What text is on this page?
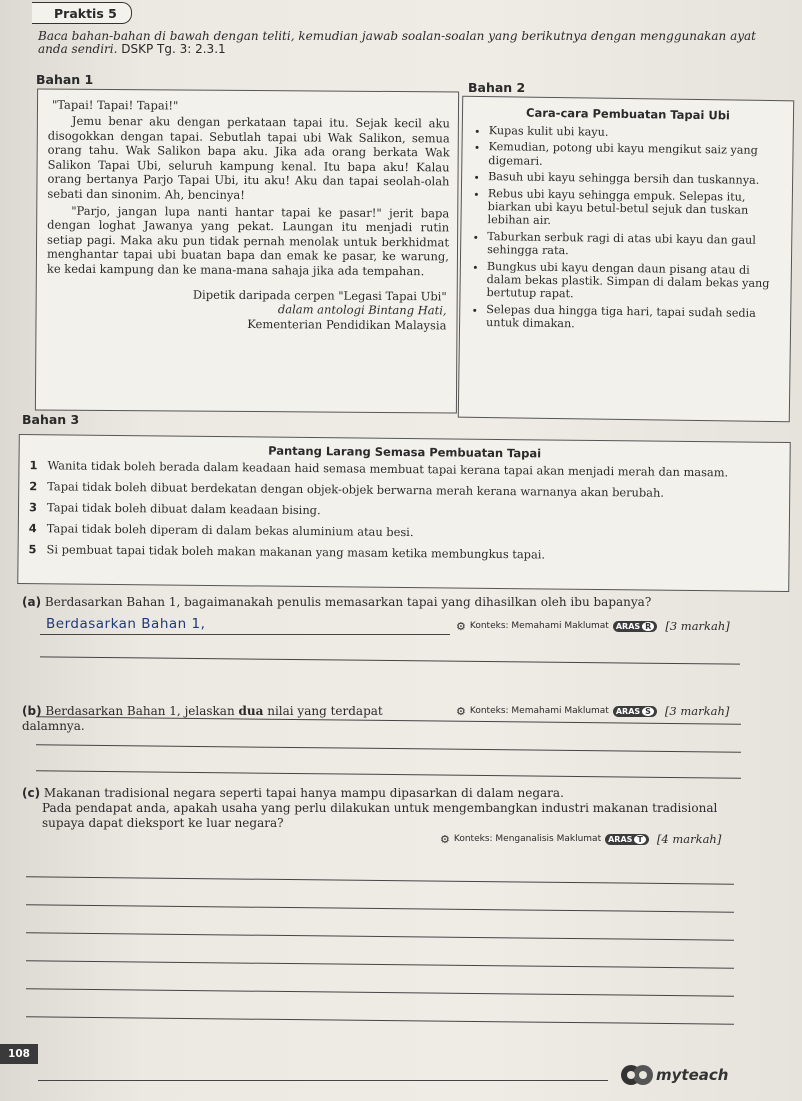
Praktis 5
Baca bahan-bahan di bawah dengan teliti, kemudian jawab soalan-soalan yang berikutnya dengan menggunakan ayat anda sendiri. DSKP Tg. 3: 2.3.1
Bahan 1
"Tapai! Tapai! Tapai!"
Jemu benar aku dengan perkataan tapai itu. Sejak kecil aku disogokkan dengan tapai. Sebutlah tapai ubi Wak Salikon, semua orang tahu. Wak Salikon bapa aku. Jika ada orang berkata Wak Salikon Tapai Ubi, seluruh kampung kenal. Itu bapa aku! Kalau orang bertanya Parjo Tapai Ubi, itu aku! Aku dan tapai seolah-olah sebati dan sinonim. Ah, bencinya!
"Parjo, jangan lupa nanti hantar tapai ke pasar!" jerit bapa dengan loghat Jawanya yang pekat. Laungan itu menjadi rutin setiap pagi. Maka aku pun tidak pernah menolak untuk berkhidmat menghantar tapai ubi buatan bapa dan emak ke pasar, ke warung, ke kedai kampung dan ke mana-mana sahaja jika ada tempahan.
Dipetik daripada cerpen "Legasi Tapai Ubi"
dalam antologi Bintang Hati,
Kementerian Pendidikan Malaysia
Bahan 2
Cara-cara Pembuatan Tapai Ubi
• Kupas kulit ubi kayu.
• Kemudian, potong ubi kayu mengikut saiz yang digemari.
• Basuh ubi kayu sehingga bersih dan tuskannya.
• Rebus ubi kayu sehingga empuk. Selepas itu, biarkan ubi kayu betul-betul sejuk dan tuskan lebihan air.
• Taburkan serbuk ragi di atas ubi kayu dan gaul sehingga rata.
• Bungkus ubi kayu dengan daun pisang atau di dalam bekas plastik. Simpan di dalam bekas yang bertutup rapat.
• Selepas dua hingga tiga hari, tapai sudah sedia untuk dimakan.
Bahan 3
Pantang Larang Semasa Pembuatan Tapai
1 Wanita tidak boleh berada dalam keadaan haid semasa membuat tapai kerana tapai akan menjadi merah dan masam.
2 Tapai tidak boleh dibuat berdekatan dengan objek-objek berwarna merah kerana warnanya akan berubah.
3 Tapai tidak boleh dibuat dalam keadaan bising.
4 Tapai tidak boleh diperam di dalam bekas aluminium atau besi.
5 Si pembuat tapai tidak boleh makan makanan yang masam ketika membungkus tapai.
(a) Berdasarkan Bahan 1, bagaimanakah penulis memasarkan tapai yang dihasilkan oleh ibu bapanya?
⚙ Konteks: Memahami Maklumat ARAS R	[3 markah]
Berdasarkan Bahan 1,
(b) Berdasarkan Bahan 1, jelaskan dua nilai yang terdapat dalamnya.
⚙ Konteks: Memahami Maklumat ARAS S	[3 markah]
(c) Makanan tradisional negara seperti tapai hanya mampu dipasarkan di dalam negara.
Pada pendapat anda, apakah usaha yang perlu dilakukan untuk mengembangkan industri makanan tradisional
supaya dapat dieksport ke luar negara?
⚙ Konteks: Menganalisis Maklumat ARAS T	[4 markah]
108
myteach
